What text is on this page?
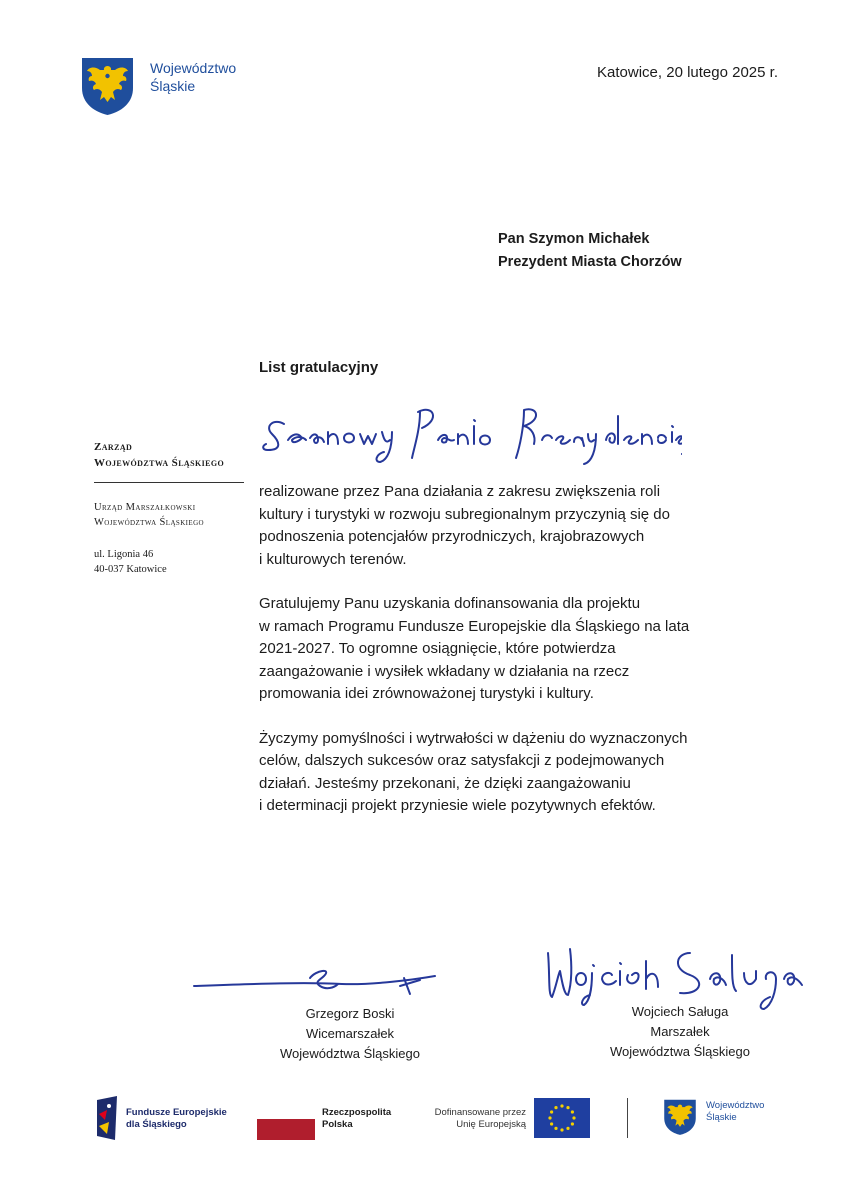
Województwo
Śląskie
Katowice, 20 lutego 2025 r.
Pan Szymon Michałek
Prezydent Miasta Chorzów
List gratulacyjny
Zarząd
Województwa Śląskiego
Urząd Marszałkowski
Województwa Śląskiego
ul. Ligonia 46
40-037 Katowice

realizowane przez Pana działania z zakresu zwiększenia roli
kultury i turystyki w rozwoju subregionalnym przyczynią się do
podnoszenia potencjałów przyrodniczych, krajobrazowych
i kulturowych terenów.

Gratulujemy Panu uzyskania dofinansowania dla projektu
w ramach Programu Fundusze Europejskie dla Śląskiego na lata
2021-2027. To ogromne osiągnięcie, które potwierdza
zaangażowanie i wysiłek wkładany w działania na rzecz
promowania idei zrównoważonej turystyki i kultury.

Życzymy pomyślności i wytrwałości w dążeniu do wyznaczonych
celów, dalszych sukcesów oraz satysfakcji z podejmowanych
działań. Jesteśmy przekonani, że dzięki zaangażowaniu
i determinacji projekt przyniesie wiele pozytywnych efektów.

Grzegorz Boski
Wicemarszałek
Województwa Śląskiego
Wojciech Saługa
Marszałek
Województwa Śląskiego
Fundusze Europejskie
dla Śląskiego
Rzeczpospolita
Polska
Dofinansowane przez
Unię Europejską
Województwo
Śląskie
